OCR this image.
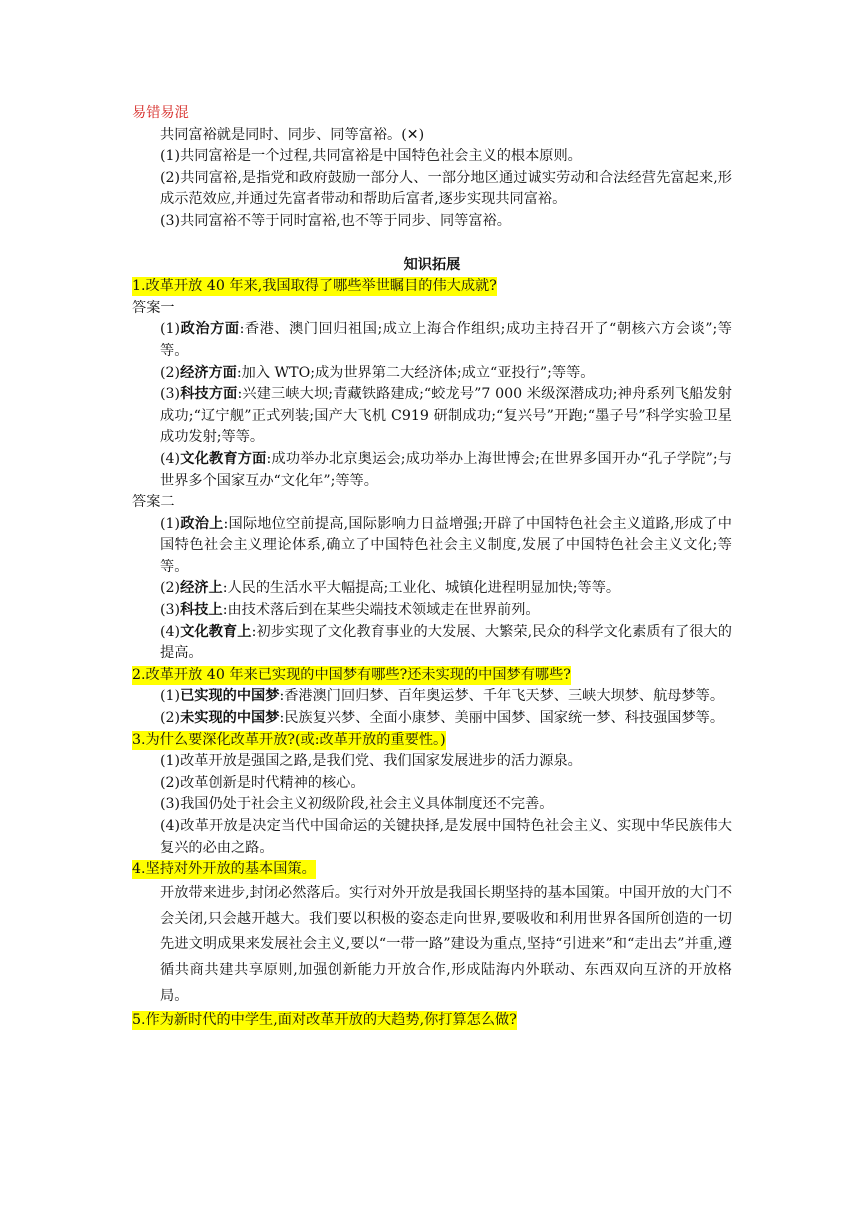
易错易混
共同富裕就是同时、同步、同等富裕。(✕)
(1)共同富裕是一个过程,共同富裕是中国特色社会主义的根本原则。
(2)共同富裕,是指党和政府鼓励一部分人、一部分地区通过诚实劳动和合法经营先富起来,形成示范效应,并通过先富者带动和帮助后富者,逐步实现共同富裕。
(3)共同富裕不等于同时富裕,也不等于同步、同等富裕。
知识拓展
1.改革开放 40 年来,我国取得了哪些举世瞩目的伟大成就?
答案一
(1)政治方面:香港、澳门回归祖国;成立上海合作组织;成功主持召开了“朝核六方会谈”;等等。
(2)经济方面:加入 WTO;成为世界第二大经济体;成立“亚投行”;等等。
(3)科技方面:兴建三峡大坝;青藏铁路建成;“蛟龙号”7 000 米级深潜成功;神舟系列飞船发射成功;“辽宁舰”正式列装;国产大飞机 C919 研制成功;“复兴号”开跑;“墨子号”科学实验卫星成功发射;等等。
(4)文化教育方面:成功举办北京奥运会;成功举办上海世博会;在世界多国开办“孔子学院”;与世界多个国家互办“文化年”;等等。
答案二
(1)政治上:国际地位空前提高,国际影响力日益增强;开辟了中国特色社会主义道路,形成了中国特色社会主义理论体系,确立了中国特色社会主义制度,发展了中国特色社会主义文化;等等。
(2)经济上:人民的生活水平大幅提高;工业化、城镇化进程明显加快;等等。
(3)科技上:由技术落后到在某些尖端技术领域走在世界前列。
(4)文化教育上:初步实现了文化教育事业的大发展、大繁荣,民众的科学文化素质有了很大的提高。
2.改革开放 40 年来已实现的中国梦有哪些?还未实现的中国梦有哪些?
(1)已实现的中国梦:香港澳门回归梦、百年奥运梦、千年飞天梦、三峡大坝梦、航母梦等。
(2)未实现的中国梦:民族复兴梦、全面小康梦、美丽中国梦、国家统一梦、科技强国梦等。
3.为什么要深化改革开放?(或:改革开放的重要性。)
(1)改革开放是强国之路,是我们党、我们国家发展进步的活力源泉。
(2)改革创新是时代精神的核心。
(3)我国仍处于社会主义初级阶段,社会主义具体制度还不完善。
(4)改革开放是决定当代中国命运的关键抉择,是发展中国特色社会主义、实现中华民族伟大复兴的必由之路。
4.坚持对外开放的基本国策。
开放带来进步,封闭必然落后。实行对外开放是我国长期坚持的基本国策。中国开放的大门不会关闭,只会越开越大。我们要以积极的姿态走向世界,要吸收和利用世界各国所创造的一切先进文明成果来发展社会主义,要以“一带一路”建设为重点,坚持“引进来”和“走出去”并重,遵循共商共建共享原则,加强创新能力开放合作,形成陆海内外联动、东西双向互济的开放格局。
5.作为新时代的中学生,面对改革开放的大趋势,你打算怎么做?
